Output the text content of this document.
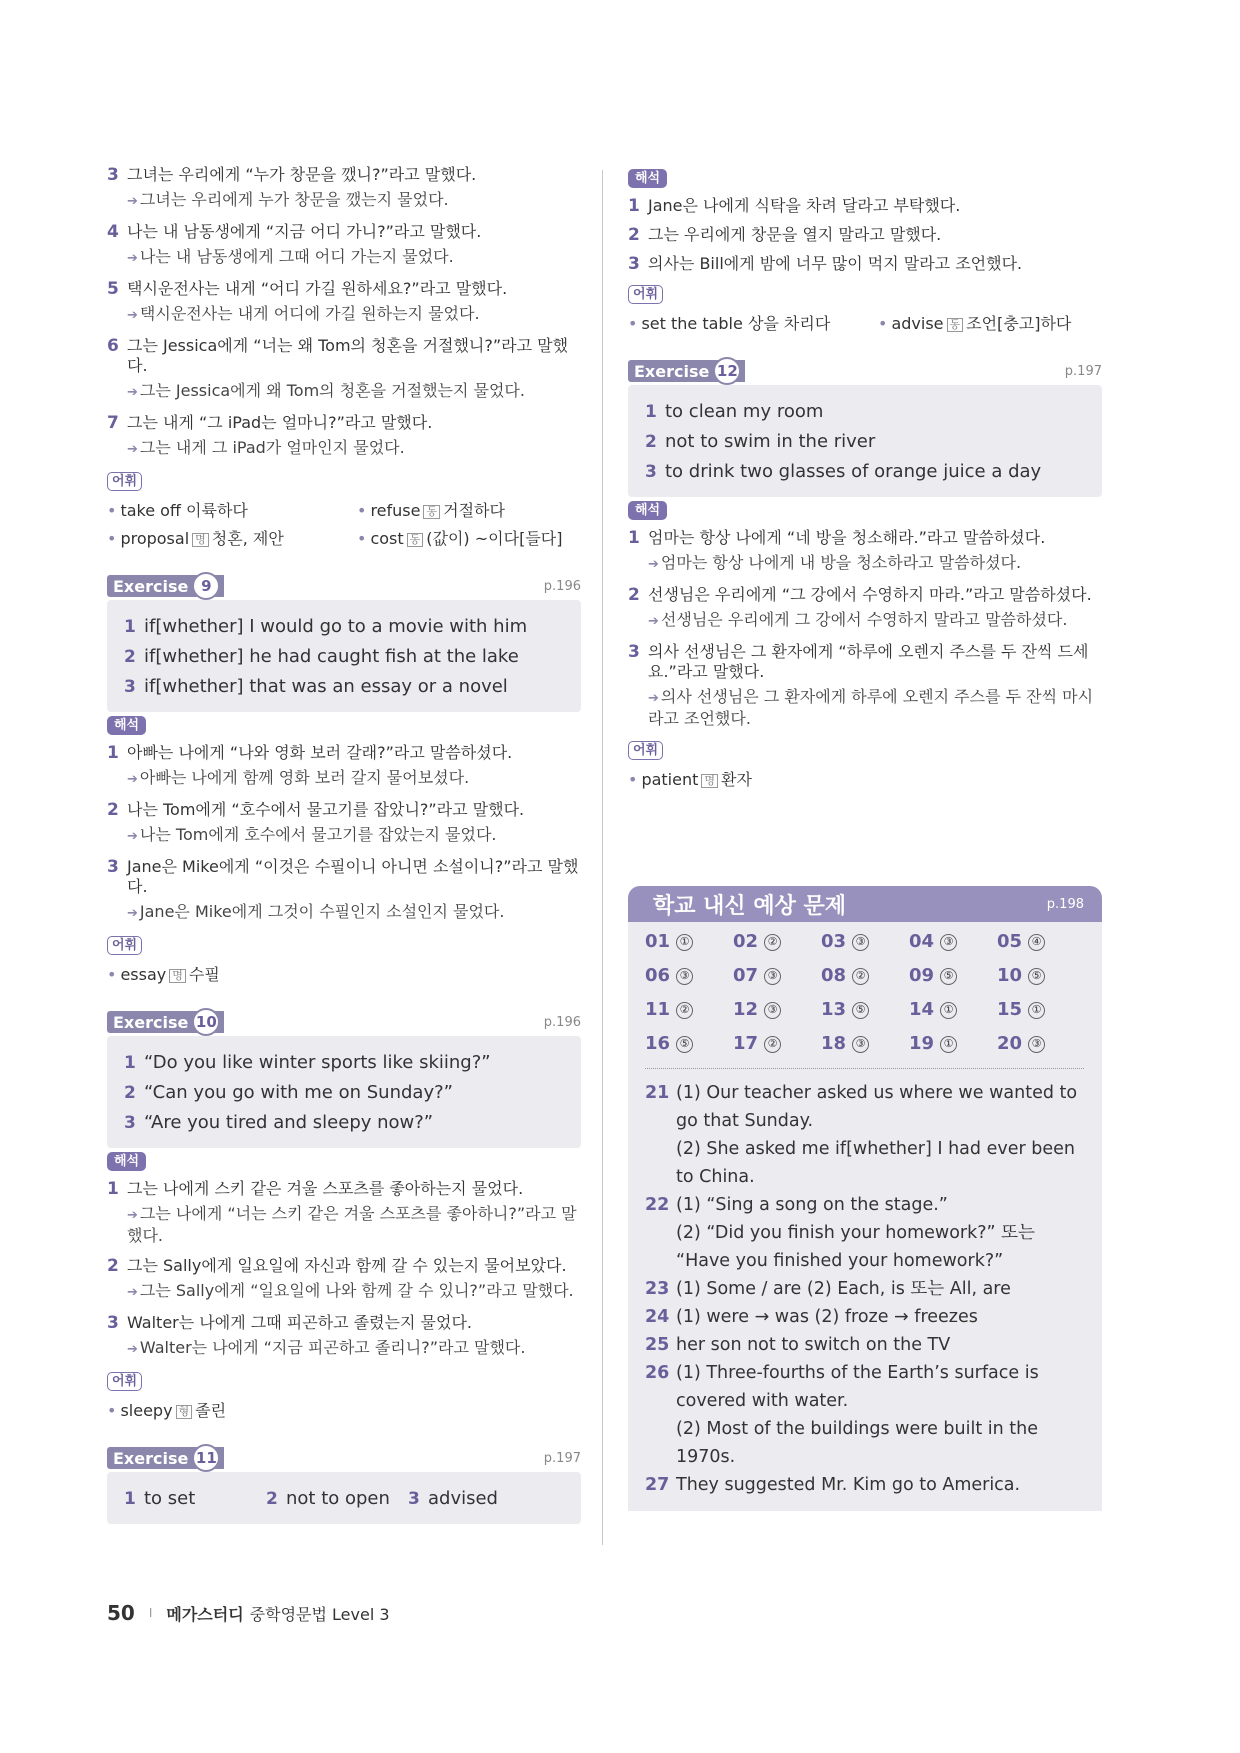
3 그녀는 우리에게 “누가 창문을 깼니?”라고 말했다.
➔ 그녀는 우리에게 누가 창문을 깼는지 물었다.
4 나는 내 남동생에게 “지금 어디 가니?”라고 말했다.
➔ 나는 내 남동생에게 그때 어디 가는지 물었다.
5 택시운전사는 내게 “어디 가길 원하세요?”라고 말했다.
➔ 택시운전사는 내게 어디에 가길 원하는지 물었다.
6 그는 Jessica에게 “너는 왜 Tom의 청혼을 거절했니?”라고 말했다.
➔ 그는 Jessica에게 왜 Tom의 청혼을 거절했는지 물었다.
7 그는 내게 “그 iPad는 얼마니?”라고 말했다.
➔ 그는 내게 그 iPad가 얼마인지 물었다.
어휘
• take off 이륙하다	• refuse 동 거절하다
• proposal 명 청혼, 제안	• cost 동 (값이) ~이다[들다]
Exercise 9	p.196
1 if[whether] I would go to a movie with him
2 if[whether] he had caught fish at the lake
3 if[whether] that was an essay or a novel
해석
1 아빠는 나에게 “나와 영화 보러 갈래?”라고 말씀하셨다.
➔ 아빠는 나에게 함께 영화 보러 갈지 물어보셨다.
2 나는 Tom에게 “호수에서 물고기를 잡았니?”라고 말했다.
➔ 나는 Tom에게 호수에서 물고기를 잡았는지 물었다.
3 Jane은 Mike에게 “이것은 수필이니 아니면 소설이니?”라고 말했다.
➔ Jane은 Mike에게 그것이 수필인지 소설인지 물었다.
어휘
• essay 명 수필
Exercise 10	p.196
1 “Do you like winter sports like skiing?”
2 “Can you go with me on Sunday?”
3 “Are you tired and sleepy now?”
해석
1 그는 나에게 스키 같은 겨울 스포츠를 좋아하는지 물었다.
➔ 그는 나에게 “너는 스키 같은 겨울 스포츠를 좋아하니?”라고 말했다.
2 그는 Sally에게 일요일에 자신과 함께 갈 수 있는지 물어보았다.
➔ 그는 Sally에게 “일요일에 나와 함께 갈 수 있니?”라고 말했다.
3 Walter는 나에게 그때 피곤하고 졸렸는지 물었다.
➔ Walter는 나에게 “지금 피곤하고 졸리니?”라고 말했다.
어휘
• sleepy 형 졸린
Exercise 11	p.197
1 to set	2 not to open	3 advised
해석
1 Jane은 나에게 식탁을 차려 달라고 부탁했다.
2 그는 우리에게 창문을 열지 말라고 말했다.
3 의사는 Bill에게 밤에 너무 많이 먹지 말라고 조언했다.
어휘
• set the table 상을 차리다	• advise 동 조언[충고]하다
Exercise 12	p.197
1 to clean my room
2 not to swim in the river
3 to drink two glasses of orange juice a day
해석
1 엄마는 항상 나에게 “네 방을 청소해라.”라고 말씀하셨다.
➔ 엄마는 항상 나에게 내 방을 청소하라고 말씀하셨다.
2 선생님은 우리에게 “그 강에서 수영하지 마라.”라고 말씀하셨다.
➔ 선생님은 우리에게 그 강에서 수영하지 말라고 말씀하셨다.
3 의사 선생님은 그 환자에게 “하루에 오렌지 주스를 두 잔씩 드세요.”라고 말했다.
➔ 의사 선생님은 그 환자에게 하루에 오렌지 주스를 두 잔씩 마시라고 조언했다.
어휘
• patient 명 환자
학교 내신 예상 문제	p.198
01 ①	02 ②	03 ③	04 ③	05 ④
06 ③	07 ③	08 ②	09 ⑤	10 ⑤
11 ②	12 ③	13 ⑤	14 ①	15 ①
16 ⑤	17 ②	18 ③	19 ①	20 ③
21 (1) Our teacher asked us where we wanted to go that Sunday.
(2) She asked me if[whether] I had ever been to China.
22 (1) “Sing a song on the stage.”
(2) “Did you finish your homework?” 또는 “Have you finished your homework?”
23 (1) Some / are (2) Each, is 또는 All, are
24 (1) were → was (2) froze → freezes
25 her son not to switch on the TV
26 (1) Three-fourths of the Earth’s surface is covered with water.
(2) Most of the buildings were built in the 1970s.
27 They suggested Mr. Kim go to America.
50 I 메가스터디 중학영문법 Level 3
